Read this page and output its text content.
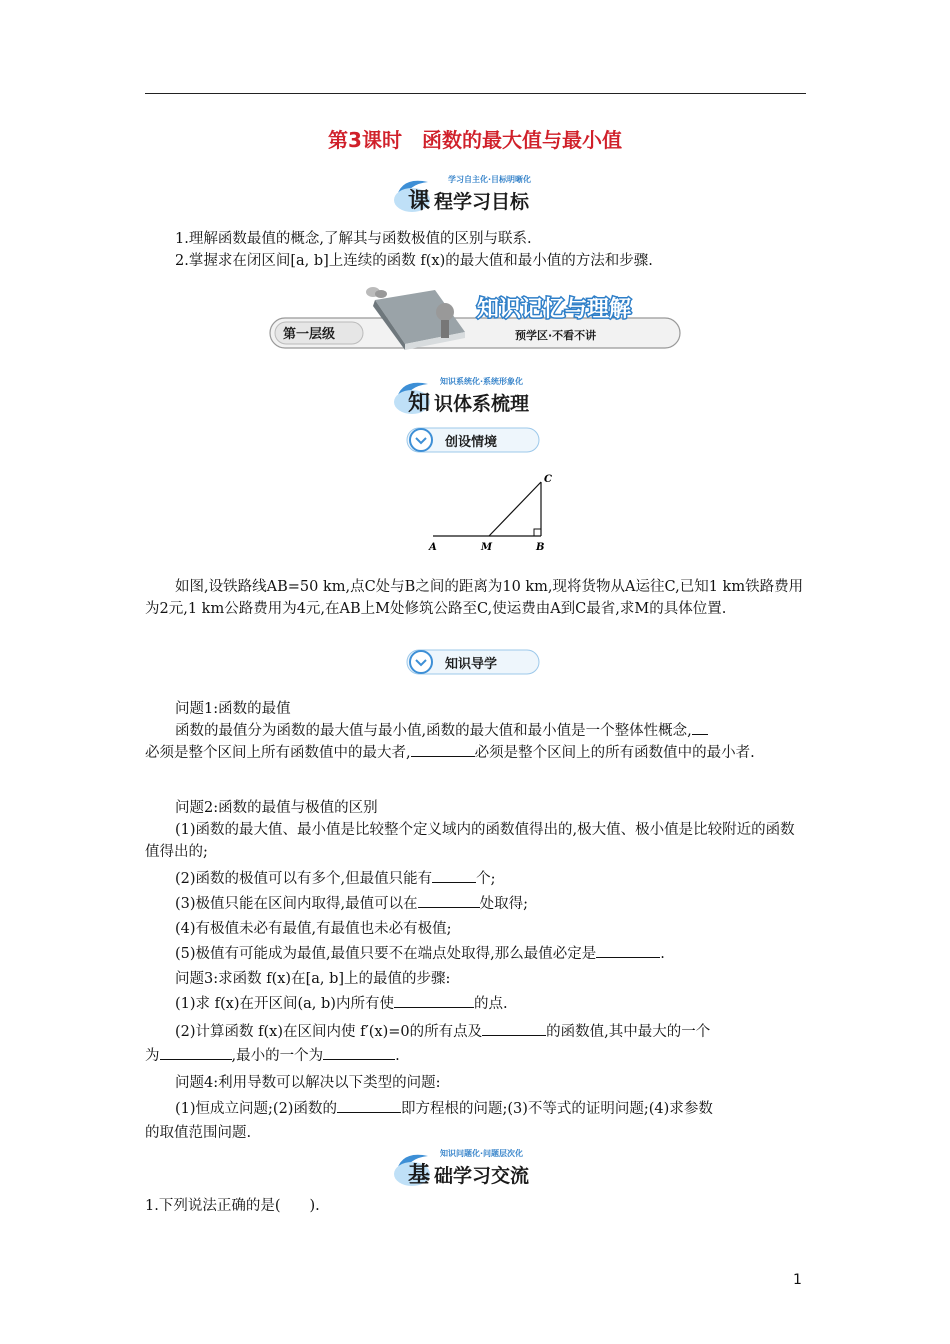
第3课时　函数的最大值与最小值
课 程学习目标
学习自主化·目标明晰化
1.理解函数最值的概念,了解其与函数极值的区别与联系.
2.掌握求在闭区间[a, b]上连续的函数 f(x)的最大值和最小值的方法和步骤.
第一层级
知识记忆与理解
预学区·不看不讲
知 识体系梳理
知识系统化·系统形象化
创设情境
A	M	B
C
如图,设铁路线AB=50 km,点C处与B之间的距离为10 km,现将货物从A运往C,已知1 km铁路费用为2元,1 km公路费用为4元,在AB上M处修筑公路至C,使运费由A到C最省,求M的具体位置.
知识导学
问题1:函数的最值
函数的最值分为函数的最大值与最小值,函数的最大值和最小值是一个整体性概念,
必须是整个区间上所有函数值中的最大者,	必须是整个区间上的所有函数值中的最小者.
问题2:函数的最值与极值的区别
(1)函数的最大值、最小值是比较整个定义域内的函数值得出的,极大值、极小值是比较附近的函数值得出的;
(2)函数的极值可以有多个,但最值只能有	个;
(3)极值只能在区间内取得,最值可以在	处取得;
(4)有极值未必有最值,有最值也未必有极值;
(5)极值有可能成为最值,最值只要不在端点处取得,那么最值必定是	.
问题3:求函数 f(x)在[a, b]上的最值的步骤:
(1)求 f(x)在开区间(a, b)内所有使	的点.
(2)计算函数 f(x)在区间内使 f′(x)=0的所有点及	的函数值,其中最大的一个
为	,最小的一个为	.
问题4:利用导数可以解决以下类型的问题:
(1)恒成立问题;(2)函数的	即方程根的问题;(3)不等式的证明问题;(4)求参数
的取值范围问题.
基 础学习交流
知识问题化·问题层次化
1.下列说法正确的是(　　).
1
